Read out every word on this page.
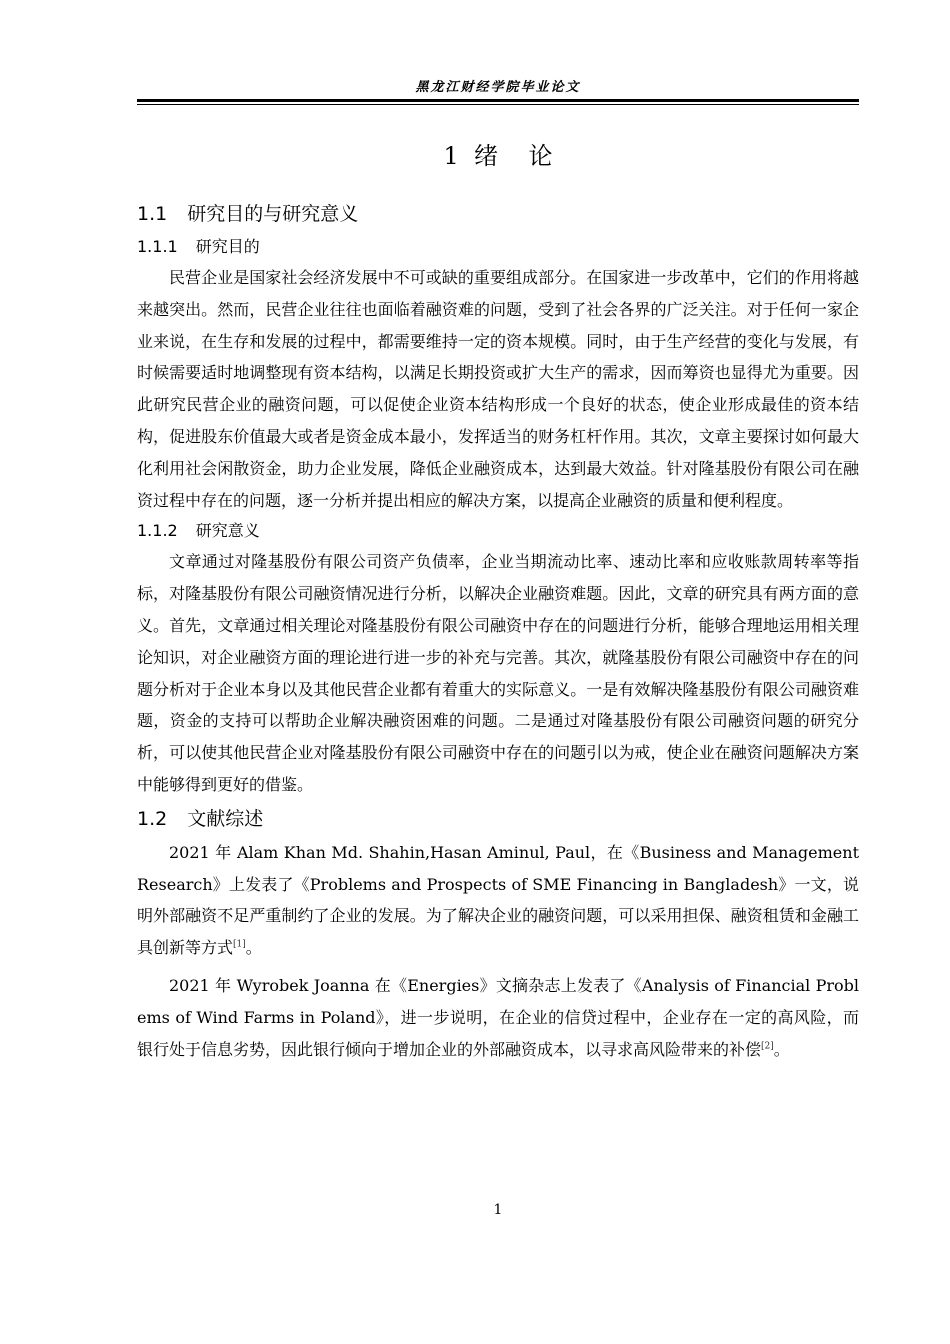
黑龙江财经学院毕业论文
1  绪    论
1.1 研究目的与研究意义
1.1.1 研究目的

民营企业是国家社会经济发展中不可或缺的重要组成部分。在国家进一步改革中，它们的作用将越来越突出。然而，民营企业往往也面临着融资难的问题，受到了社会各界的广泛关注。对于任何一家企业来说，在生存和发展的过程中，都需要维持一定的资本规模。同时，由于生产经营的变化与发展，有时候需要适时地调整现有资本结构，以满足长期投资或扩大生产的需求，因而筹资也显得尤为重要。因此研究民营企业的融资问题，可以促使企业资本结构形成一个良好的状态，使企业形成最佳的资本结构，促进股东价值最大或者是资金成本最小，发挥适当的财务杠杆作用。其次，文章主要探讨如何最大化利用社会闲散资金，助力企业发展，降低企业融资成本，达到最大效益。针对隆基股份有限公司在融资过程中存在的问题，逐一分析并提出相应的解决方案，以提高企业融资的质量和便利程度。

1.1.2 研究意义

文章通过对隆基股份有限公司资产负债率，企业当期流动比率、速动比率和应收账款周转率等指标，对隆基股份有限公司融资情况进行分析，以解决企业融资难题。因此，文章的研究具有两方面的意义。首先，文章通过相关理论对隆基股份有限公司融资中存在的问题进行分析，能够合理地运用相关理论知识，对企业融资方面的理论进行进一步的补充与完善。其次，就隆基股份有限公司融资中存在的问题分析对于企业本身以及其他民营企业都有着重大的实际意义。一是有效解决隆基股份有限公司融资难题，资金的支持可以帮助企业解决融资困难的问题。二是通过对隆基股份有限公司融资问题的研究分析，可以使其他民营企业对隆基股份有限公司融资中存在的问题引以为戒，使企业在融资问题解决方案中能够得到更好的借鉴。

1.2 文献综述

2021 年 Alam Khan Md. Shahin,Hasan Aminul, Paul，在《Business and Management Research》上发表了《Problems and Prospects of SME Financing in Bangladesh》一文，说明外部融资不足严重制约了企业的发展。为了解决企业的融资问题，可以采用担保、融资租赁和金融工具创新等方式[1]。

2021 年 Wyrobek Joanna 在《Energies》文摘杂志上发表了《Analysis of Financial Problems of Wind Farms in Poland》，进一步说明，在企业的信贷过程中，企业存在一定的高风险，而银行处于信息劣势，因此银行倾向于增加企业的外部融资成本，以寻求高风险带来的补偿[2]。

1
